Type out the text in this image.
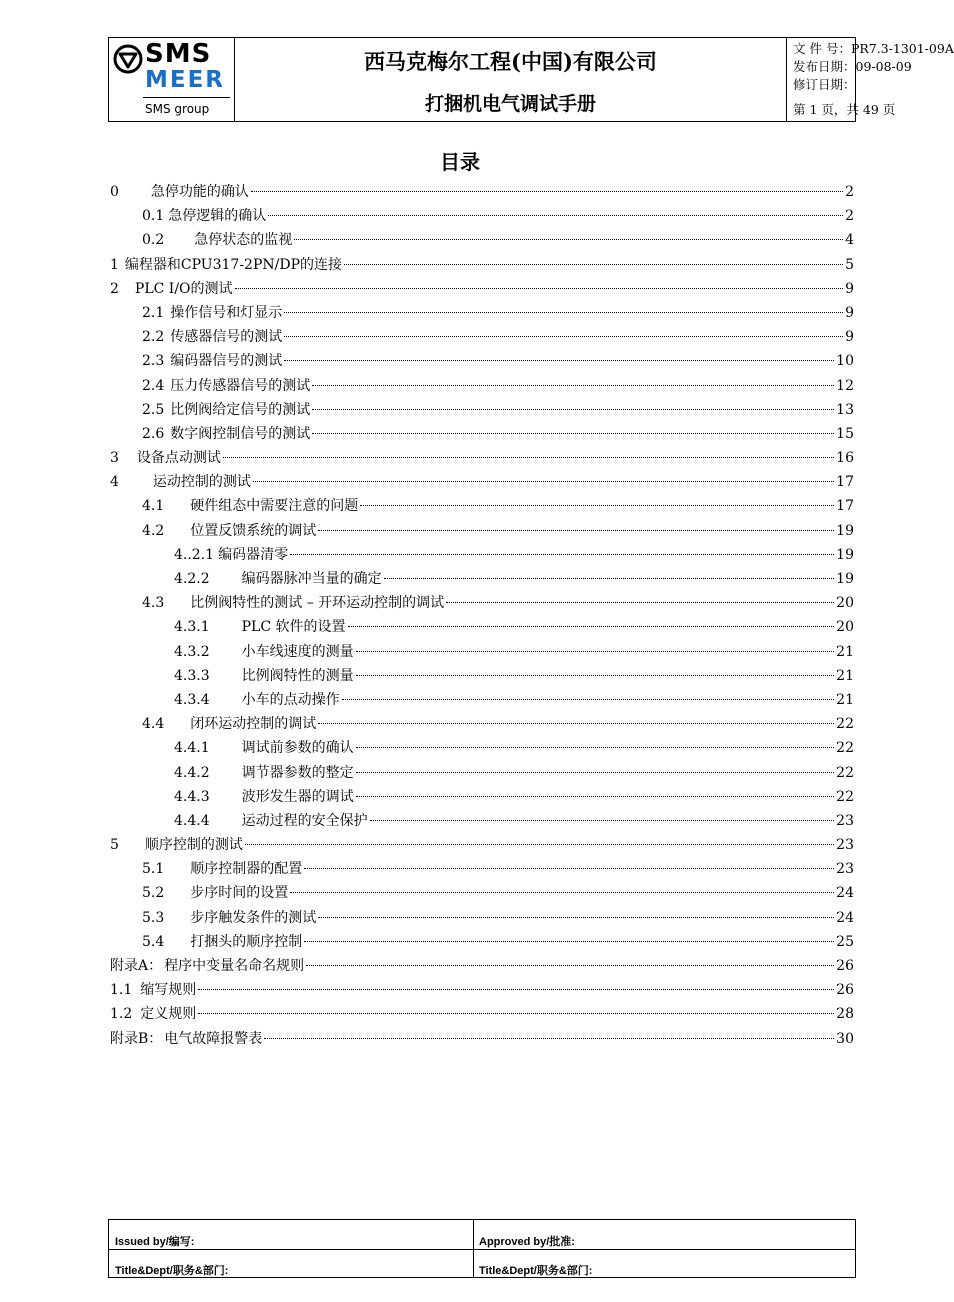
SMS
MEER
SMS group
西马克梅尔工程(中国)有限公司
打捆机电气调试手册
文 件 号：PR7.3-1301-09A
发布日期：09-08-09
修订日期：
第 1 页，共 49 页
目录
0 急停功能的确认	2
0.1 急停逻辑的确认	2
0.2 急停状态的监视	4
1 编程器和CPU317-2PN/DP的连接	5
2 PLC I/O的测试	9
2.1 操作信号和灯显示	9
2.2 传感器信号的测试	9
2.3 编码器信号的测试	10
2.4 压力传感器信号的测试	12
2.5 比例阀给定信号的测试	13
2.6 数字阀控制信号的测试	15
3 设备点动测试	16
4 运动控制的测试	17
4.1 硬件组态中需要注意的问题	17
4.2 位置反馈系统的调试	19
4..2.1 编码器清零	19
4.2.2 编码器脉冲当量的确定	19
4.3 比例阀特性的测试 – 开环运动控制的调试	20
4.3.1 PLC 软件的设置	20
4.3.2 小车线速度的测量	21
4.3.3 比例阀特性的测量	21
4.3.4 小车的点动操作	21
4.4 闭环运动控制的调试	22
4.4.1 调试前参数的确认	22
4.4.2 调节器参数的整定	22
4.4.3 波形发生器的调试	22
4.4.4 运动过程的安全保护	23
5 顺序控制的测试	23
5.1 顺序控制器的配置	23
5.2 步序时间的设置	24
5.3 步序触发条件的测试	24
5.4 打捆头的顺序控制	25
附录A： 程序中变量名命名规则	26
1.1 缩写规则	26
1.2 定义规则	28
附录B： 电气故障报警表	30
Issued by/编写:	Approved by/批准:
Title&Dept/职务&部门:	Title&Dept/职务&部门:
